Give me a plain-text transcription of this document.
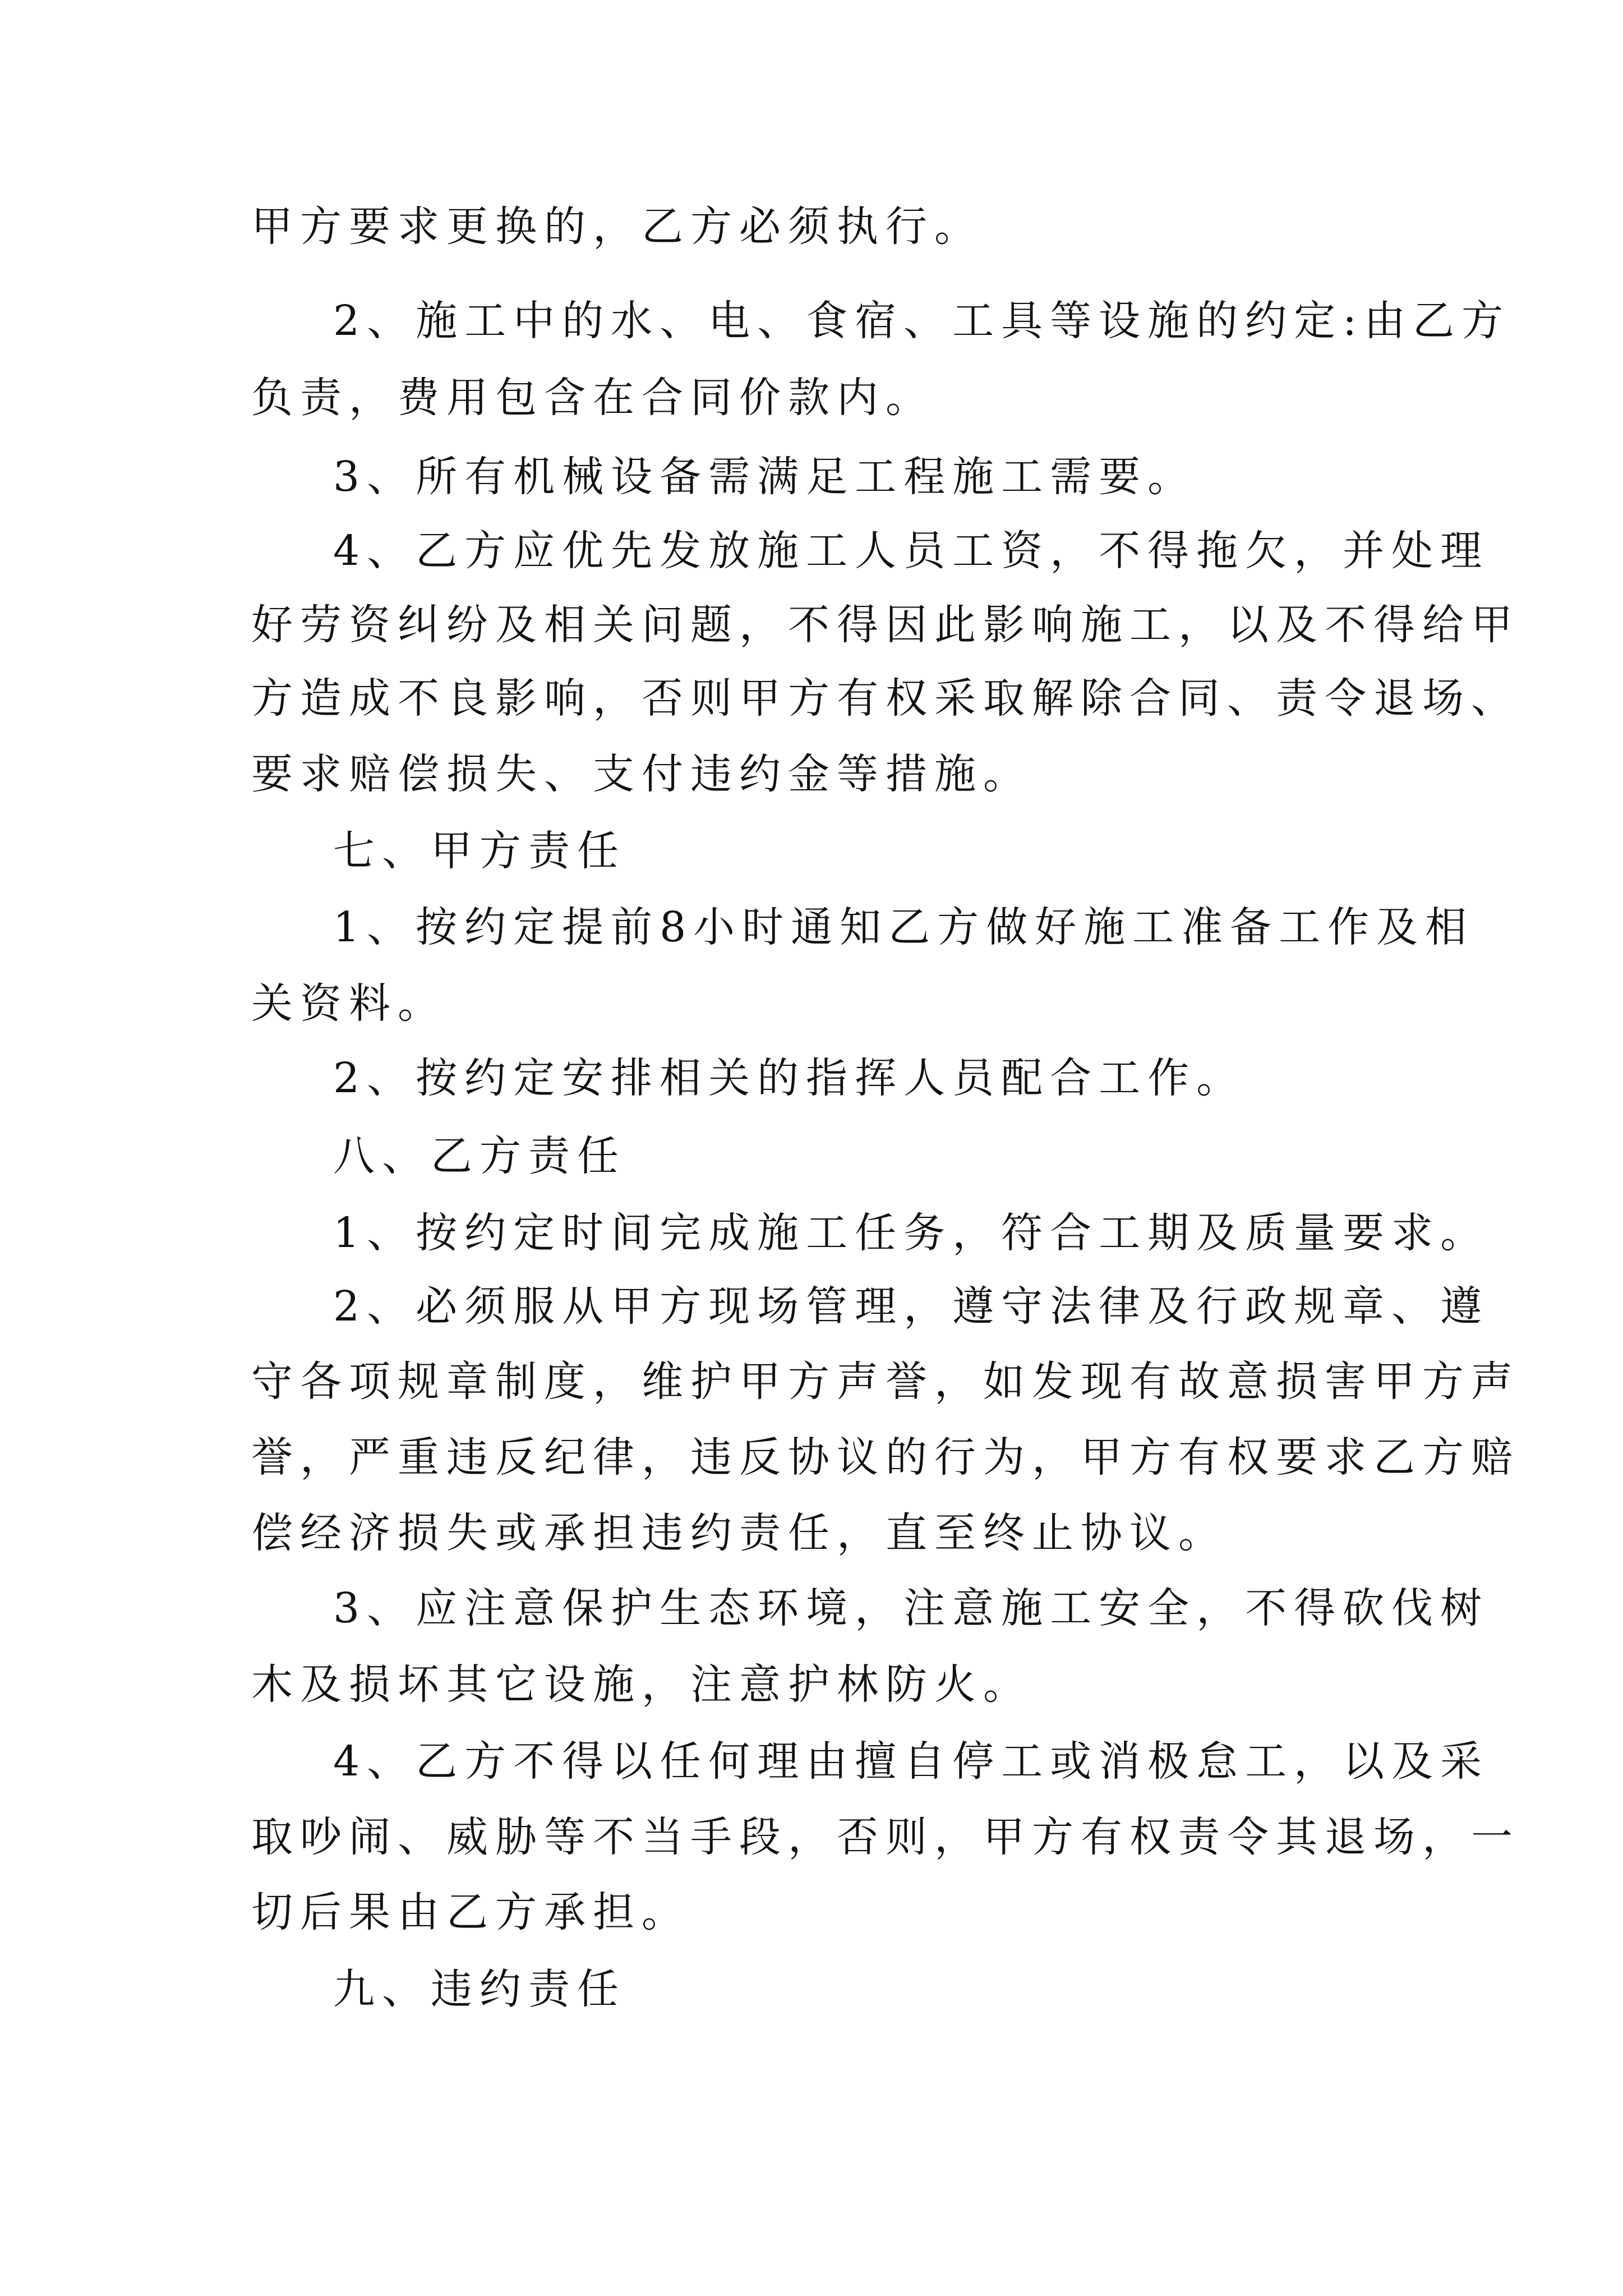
甲方要求更换的，乙方必须执行。
2、施工中的水、电、食宿、工具等设施的约定:由乙方
负责，费用包含在合同价款内。
3、所有机械设备需满足工程施工需要。
4、乙方应优先发放施工人员工资，不得拖欠，并处理
好劳资纠纷及相关问题，不得因此影响施工，以及不得给甲
方造成不良影响，否则甲方有权采取解除合同、责令退场、
要求赔偿损失、支付违约金等措施。
七、甲方责任
1、按约定提前8小时通知乙方做好施工准备工作及相
关资料。
2、按约定安排相关的指挥人员配合工作。
八、乙方责任
1、按约定时间完成施工任务，符合工期及质量要求。
2、必须服从甲方现场管理，遵守法律及行政规章、遵
守各项规章制度，维护甲方声誉，如发现有故意损害甲方声
誉，严重违反纪律，违反协议的行为，甲方有权要求乙方赔
偿经济损失或承担违约责任，直至终止协议。
3、应注意保护生态环境，注意施工安全，不得砍伐树
木及损坏其它设施，注意护林防火。
4、乙方不得以任何理由擅自停工或消极怠工，以及采
取吵闹、威胁等不当手段，否则，甲方有权责令其退场，一
切后果由乙方承担。
九、违约责任
